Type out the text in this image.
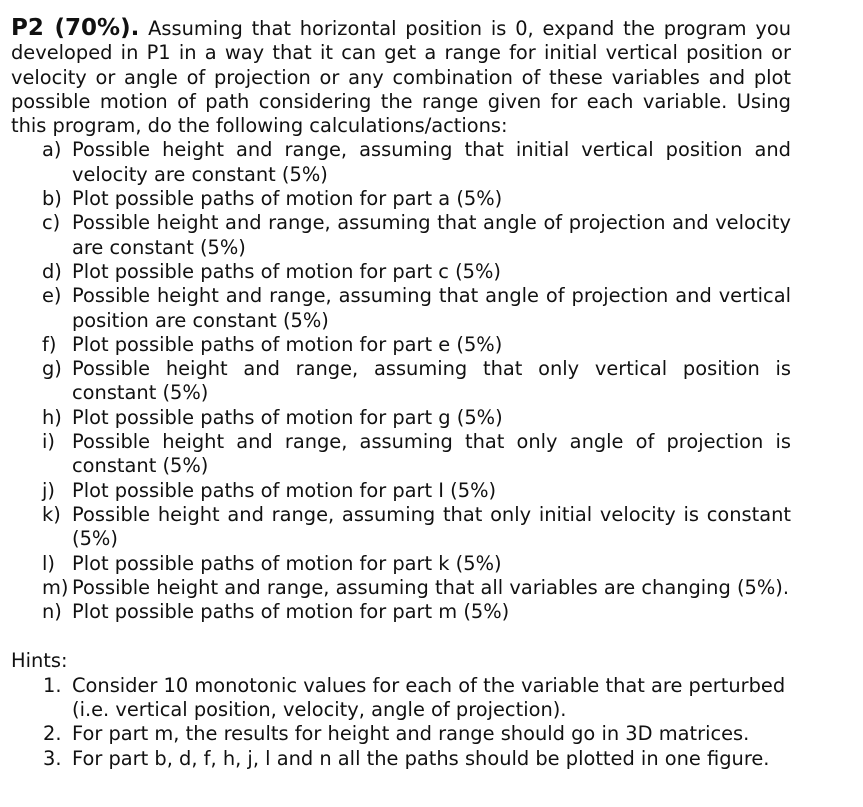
P2 (70%). Assuming that horizontal position is 0, expand the program you developed in P1 in a way that it can get a range for initial vertical position or velocity or angle of projection or any combination of these variables and plot possible motion of path considering the range given for each variable. Using this program, do the following calculations/actions:

a) Possible height and range, assuming that initial vertical position and velocity are constant (5%)
b) Plot possible paths of motion for part a (5%)
c) Possible height and range, assuming that angle of projection and velocity are constant (5%)
d) Plot possible paths of motion for part c (5%)
e) Possible height and range, assuming that angle of projection and vertical position are constant (5%)
f) Plot possible paths of motion for part e (5%)
g) Possible height and range, assuming that only vertical position is constant (5%)
h) Plot possible paths of motion for part g (5%)
i) Possible height and range, assuming that only angle of projection is constant (5%)
j) Plot possible paths of motion for part I (5%)
k) Possible height and range, assuming that only initial velocity is constant (5%)
l) Plot possible paths of motion for part k (5%)
m) Possible height and range, assuming that all variables are changing (5%).
n) Plot possible paths of motion for part m (5%)
Hints:
1. Consider 10 monotonic values for each of the variable that are perturbed (i.e. vertical position, velocity, angle of projection).
2. For part m, the results for height and range should go in 3D matrices.
3. For part b, d, f, h, j, l and n all the paths should be plotted in one figure.
